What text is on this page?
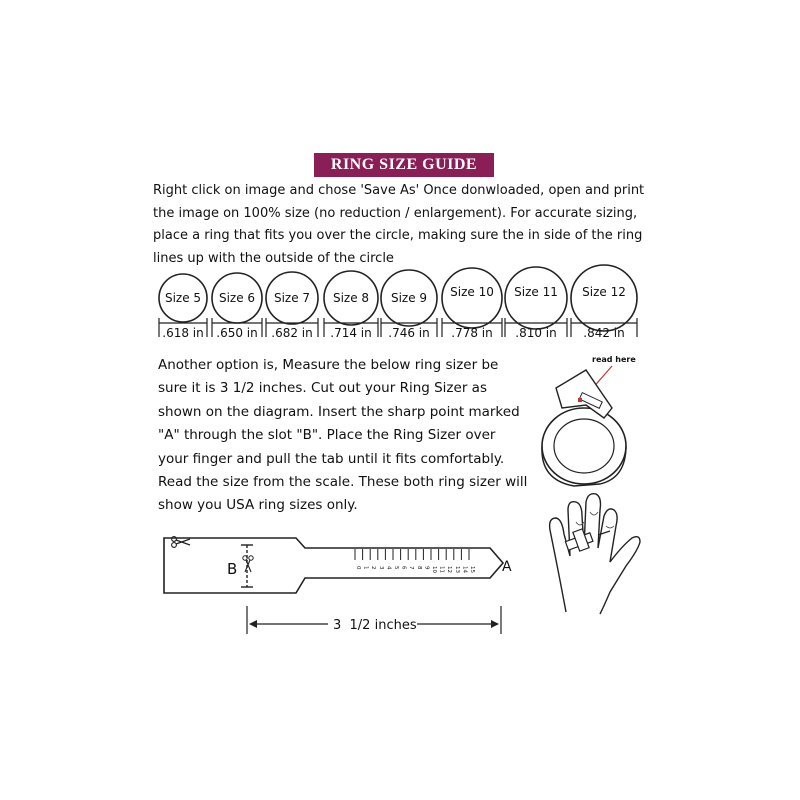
RING SIZE GUIDE
Right click on image and chose 'Save As' Once donwloaded, open and print
the image on 100% size (no reduction / enlargement). For accurate sizing,
place a ring that fits you over the circle, making sure the in side of the ring
lines up with the outside of the circle
Size 5
.618 in
Size 6
.650 in
Size 7
.682 in
Size 8
.714 in
Size 9
.746 in
Size 10
.778 in
Size 11
.810 in
Size 12
.842 in
Another option is, Measure the below ring sizer be
sure it is 3 1/2 inches. Cut out your Ring Sizer as
shown on the diagram. Insert the sharp point marked
"A" through the slot "B". Place the Ring Sizer over
your finger and pull the tab until it fits comfortably.
Read the size from the scale. These both ring sizer will
show you USA ring sizes only.
0 1 2 3 4 5 6 7 8 9 10 11 12 13 14 15
B	A
3  1/2 inches
read here
